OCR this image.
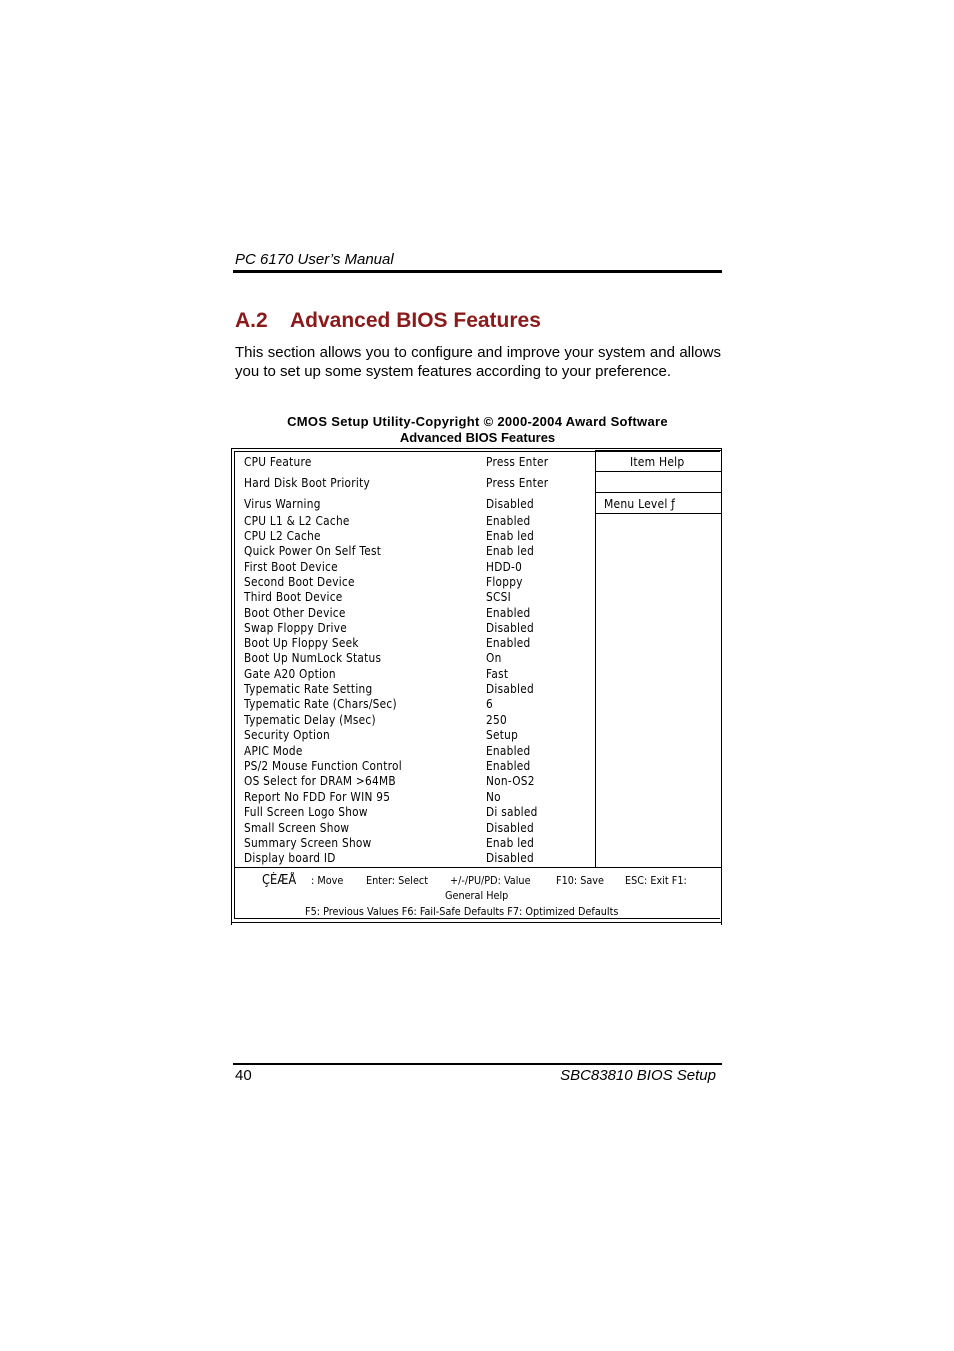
PC 6170 User’s Manual
A.2 Advanced BIOS Features
This section allows you to configure and improve your system and allows you to set up some system features according to your preference.
CMOS Setup Utility-Copyright © 2000-2004 Award Software
Advanced BIOS Features
Item Help
Menu Level ƒ
CPU Feature	Press Enter
Hard Disk Boot Priority	Press Enter
Virus Warning	Disabled
CPU L1 & L2 Cache	Enabled
CPU L2 Cache	Enab led
Quick Power On Self Test	Enab led
First Boot Device	HDD-0
Second Boot Device	Floppy
Third Boot Device	SCSI
Boot Other Device	Enabled
Swap Floppy Drive	Disabled
Boot Up Floppy Seek	Enabled
Boot Up NumLock Status	On
Gate A20 Option	Fast
Typematic Rate Setting	Disabled
Typematic Rate (Chars/Sec)	6
Typematic Delay (Msec)	250
Security Option	Setup
APIC Mode	Enabled
PS/2 Mouse Function Control	Enabled
OS Select for DRAM >64MB	Non-OS2
Report No FDD For WIN 95	No
Full Screen Logo Show	Di sabled
Small Screen Show	Disabled
Summary Screen Show	Enab led
Display board ID	Disabled
ÇÈÆÅ : Move Enter: Select +/-/PU/PD: Value F10: Save ESC: Exit F1:
General Help
F5: Previous Values F6: Fail-Safe Defaults F7: Optimized Defaults
40	SBC83810 BIOS Setup
